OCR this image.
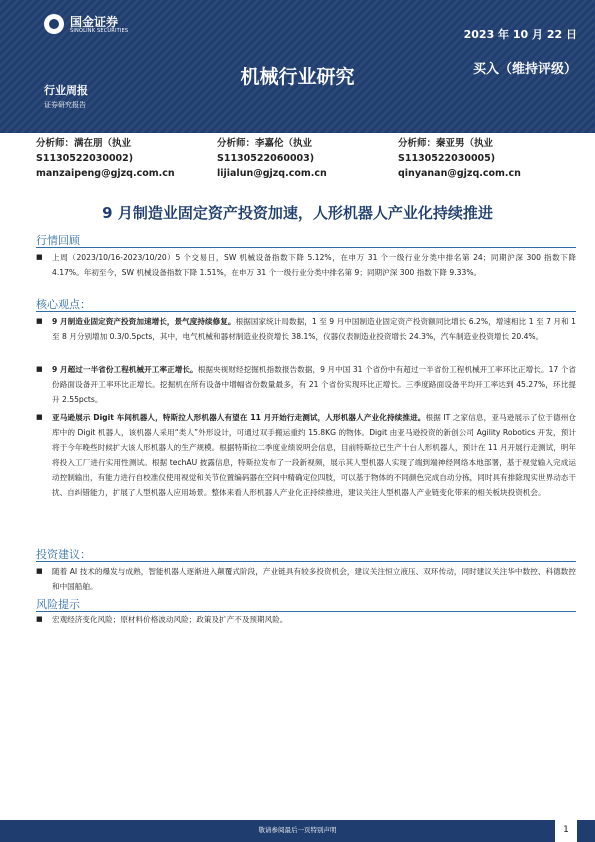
国金证券
SINOLINK SECURITIES	2023 年 10 月 22 日
机械行业研究	买入（维持评级）
行业周报
证券研究报告
分析师：满在朋（执业
S1130522030002)
manzaipeng@gjzq.com.cn
分析师：李嘉伦（执业
S1130522060003)
lijialun@gjzq.com.cn
分析师：秦亚男（执业
S1130522030005)
qinyanan@gjzq.com.cn
9 月制造业固定资产投资加速，人形机器人产业化持续推进
行情回顾
■ 上周（2023/10/16-2023/10/20）5 个交易日，SW 机械设备指数下降 5.12%，在申万 31 个一级行业分类中排名第 24；同期沪深 300 指数下降 4.17%。年初至今，SW 机械设备指数下降 1.51%，在申万 31 个一级行业分类中排名第 9；同期沪深 300 指数下降 9.33%。
核心观点：
■ 9 月制造业固定资产投资加速增长，景气度持续修复。根据国家统计局数据，1 至 9 月中国制造业固定资产投资额同比增长 6.2%，增速相比 1 至 7 月和 1 至 8 月分别增加 0.3/0.5pcts，其中，电气机械和器材制造业投资增长 38.1%，仪器仪表制造业投资增长 24.3%，汽车制造业投资增长 20.4%。
■ 9 月超过一半省份工程机械开工率正增长。根据央视财经挖掘机指数报告数据，9 月中国 31 个省份中有超过一半省份工程机械开工率环比正增长。17 个省份路面设备开工率环比正增长。挖掘机在所有设备中增幅省份数量最多，有 21 个省份实现环比正增长。三季度路面设备平均开工率达到 45.27%，环比提升 2.55pcts。
■ 亚马逊展示 Digit 车间机器人，特斯拉人形机器人有望在 11 月开始行走测试，人形机器人产业化持续推进。根据 IT 之家信息，亚马逊展示了位于德州仓库中的 Digit 机器人，该机器人采用“类人”外形设计，可通过双手搬运重约 15.8KG 的物体。Digit 由亚马逊投资的新创公司 Agility Robotics 开发，预计将于今年晚些时候扩大该人形机器人的生产规模。根据特斯拉二季度业绩说明会信息，目前特斯拉已生产十台人形机器人，预计在 11 月开展行走测试，明年将投入工厂进行实用性测试。根据 techAU 披露信息，特斯拉发布了一段新视频，展示其人型机器人实现了端到端神经网络本地部署，基于视觉输入完成运动控制输出，有能力进行自校准仪使用视觉和关节位置编码器在空间中精确定位四肢，可以基于物体的不同颜色完成自动分拣，同时具有排除现实世界动态干扰、自纠错能力，扩展了人型机器人应用场景。整体来看人形机器人产业化正持续推进，建议关注人型机器人产业链变化带来的相关板块投资机会。
投资建议：
■ 随着 AI 技术的爆发与成熟，智能机器人逐渐进入颠覆式阶段，产业链具有较多投资机会，建议关注恒立液压、双环传动，同时建议关注华中数控、科德数控和中国船舶。
风险提示
■ 宏观经济变化风险；原材料价格波动风险；政策及扩产不及预期风险。
敬请参阅最后一页特别声明	1
